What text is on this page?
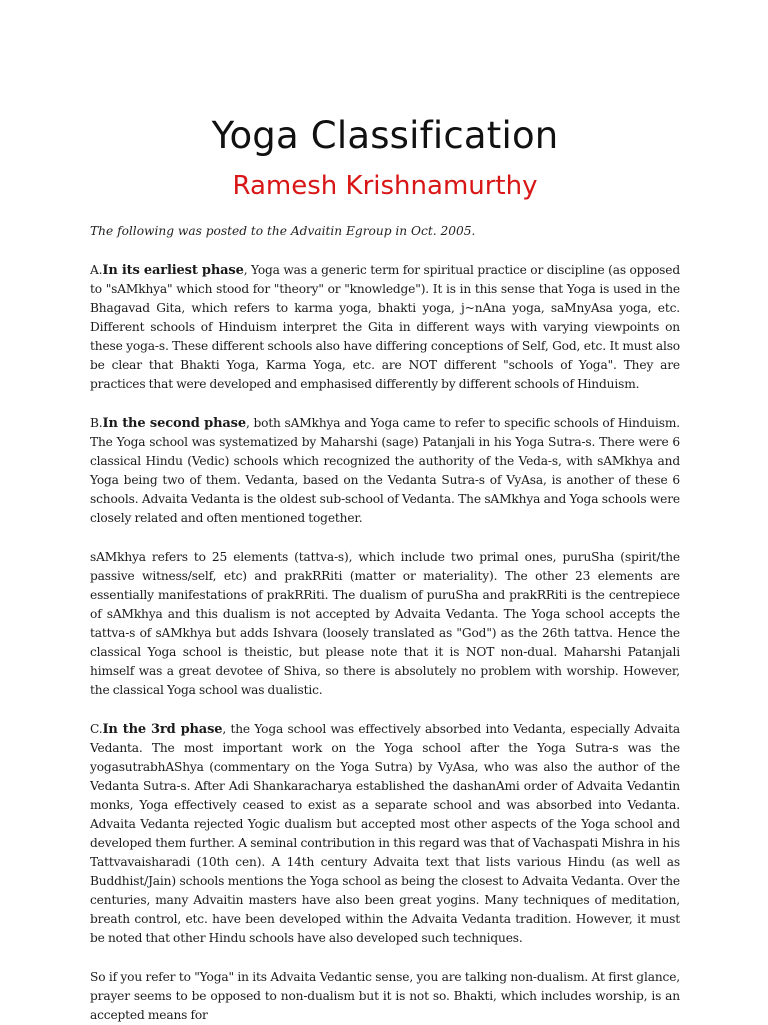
Yoga Classification
Ramesh Krishnamurthy

The following was posted to the Advaitin Egroup in Oct. 2005.

A.In its earliest phase, Yoga was a generic term for spiritual practice or discipline (as opposed to "sAMkhya" which stood for "theory" or "knowledge"). It is in this sense that Yoga is used in the Bhagavad Gita, which refers to karma yoga, bhakti yoga, j~nAna yoga, saMnyAsa yoga, etc. Different schools of Hinduism interpret the Gita in different ways with varying viewpoints on these yoga-s. These different schools also have differing conceptions of Self, God, etc. It must also be clear that Bhakti Yoga, Karma Yoga, etc. are NOT different "schools of Yoga". They are practices that were developed and emphasised differently by different schools of Hinduism.

B.In the second phase, both sAMkhya and Yoga came to refer to specific schools of Hinduism. The Yoga school was systematized by Maharshi (sage) Patanjali in his Yoga Sutra-s. There were 6 classical Hindu (Vedic) schools which recognized the authority of the Veda-s, with sAMkhya and Yoga being two of them. Vedanta, based on the Vedanta Sutra-s of VyAsa, is another of these 6 schools. Advaita Vedanta is the oldest sub-school of Vedanta. The sAMkhya and Yoga schools were closely related and often mentioned together.

sAMkhya refers to 25 elements (tattva-s), which include two primal ones, puruSha (spirit/the passive witness/self, etc) and prakRRiti (matter or materiality). The other 23 elements are essentially manifestations of prakRRiti. The dualism of puruSha and prakRRiti is the centrepiece of sAMkhya and this dualism is not accepted by Advaita Vedanta. The Yoga school accepts the tattva-s of sAMkhya but adds Ishvara (loosely translated as "God") as the 26th tattva. Hence the classical Yoga school is theistic, but please note that it is NOT non-dual. Maharshi Patanjali himself was a great devotee of Shiva, so there is absolutely no problem with worship. However, the classical Yoga school was dualistic.

C.In the 3rd phase, the Yoga school was effectively absorbed into Vedanta, especially Advaita Vedanta. The most important work on the Yoga school after the Yoga Sutra-s was the yogasutrabhAShya (commentary on the Yoga Sutra) by VyAsa, who was also the author of the Vedanta Sutra-s. After Adi Shankaracharya established the dashanAmi order of Advaita Vedantin monks, Yoga effectively ceased to exist as a separate school and was absorbed into Vedanta. Advaita Vedanta rejected Yogic dualism but accepted most other aspects of the Yoga school and developed them further. A seminal contribution in this regard was that of Vachaspati Mishra in his Tattvavaisharadi (10th cen). A 14th century Advaita text that lists various Hindu (as well as Buddhist/Jain) schools mentions the Yoga school as being the closest to Advaita Vedanta. Over the centuries, many Advaitin masters have also been great yogins. Many techniques of meditation, breath control, etc. have been developed within the Advaita Vedanta tradition. However, it must be noted that other Hindu schools have also developed such techniques.

So if you refer to "Yoga" in its Advaita Vedantic sense, you are talking non-dualism. At first glance, prayer seems to be opposed to non-dualism but it is not so. Bhakti, which includes worship, is an accepted means for
